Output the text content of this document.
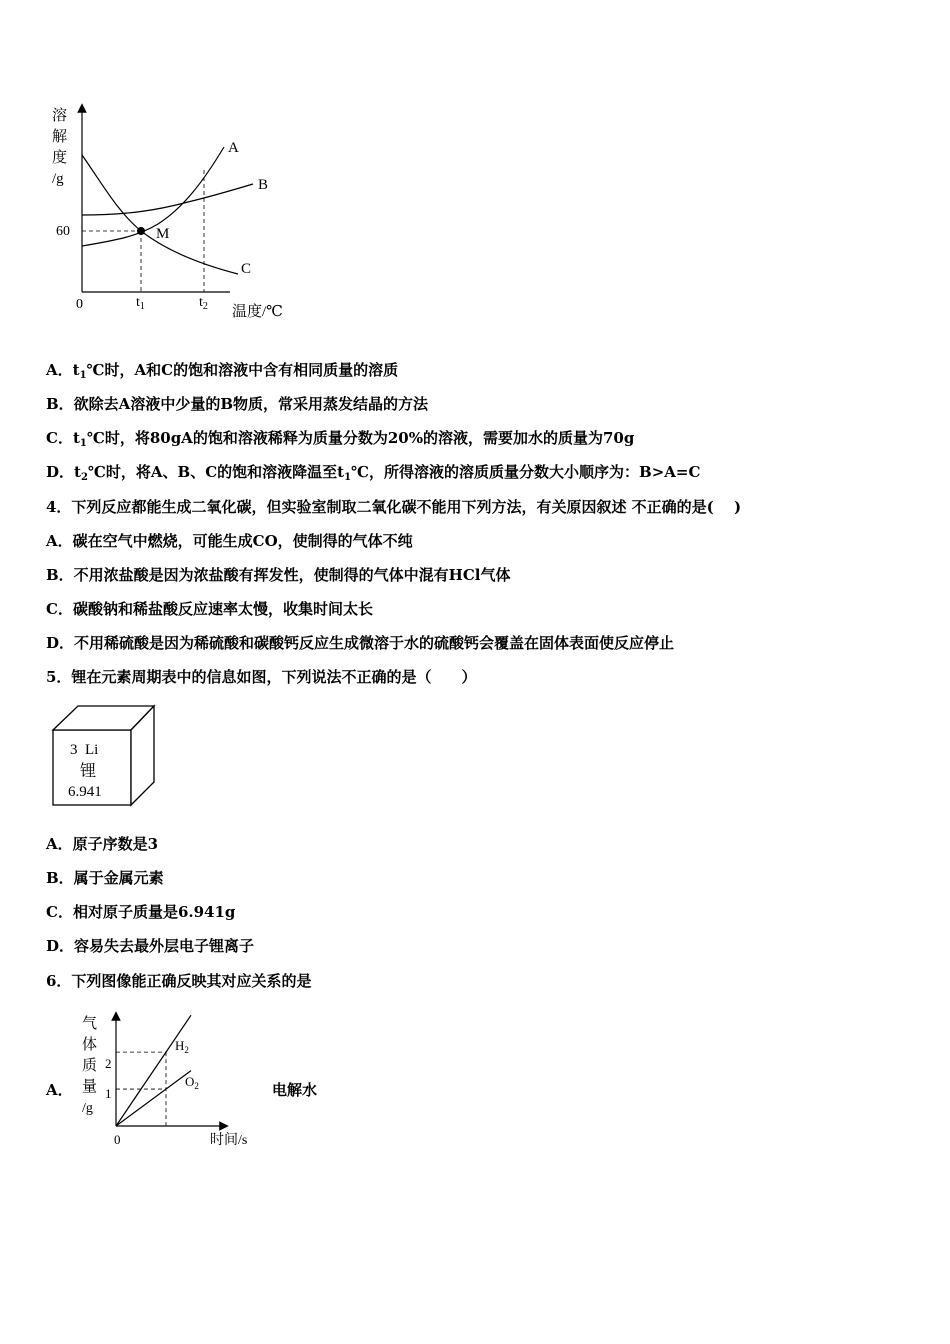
溶
解
度
/g
60
0	$t_1$	$t_2$ 温度/℃
M
A
B
C
A．$t_1℃$时，A和C的饱和溶液中含有相同质量的溶质
B．欲除去A溶液中少量的B物质，常采用蒸发结晶的方法
C．$t_1℃$时，将80gA的饱和溶液稀释为质量分数为20%的溶液，需要加水的质量为70g
D．$t_2℃$时，将A、B、C的饱和溶液降温至$t_1℃$，所得溶液的溶质质量分数大小顺序为：B>A=C
4．下列反应都能生成二氧化碳，但实验室制取二氧化碳不能用下列方法，有关原因叙述 不正确的是(　 )
A．碳在空气中燃烧，可能生成CO，使制得的气体不纯
B．不用浓盐酸是因为浓盐酸有挥发性，使制得的气体中混有HCl气体
C．碳酸钠和稀盐酸反应速率太慢，收集时间太长
D．不用稀硫酸是因为稀硫酸和碳酸钙反应生成微溶于水的硫酸钙会覆盖在固体表面使反应停止
5．锂在元素周期表中的信息如图，下列说法不正确的是（　　）
3  Li
锂
6.941
A．原子序数是3
B．属于金属元素
C．相对原子质量是6.941g
D．容易失去最外层电子锂离子
6．下列图像能正确反映其对应关系的是
A．	电解水
气
体
质
量
/g
0	时间/s
1
2
$H_2$
$O_2$
